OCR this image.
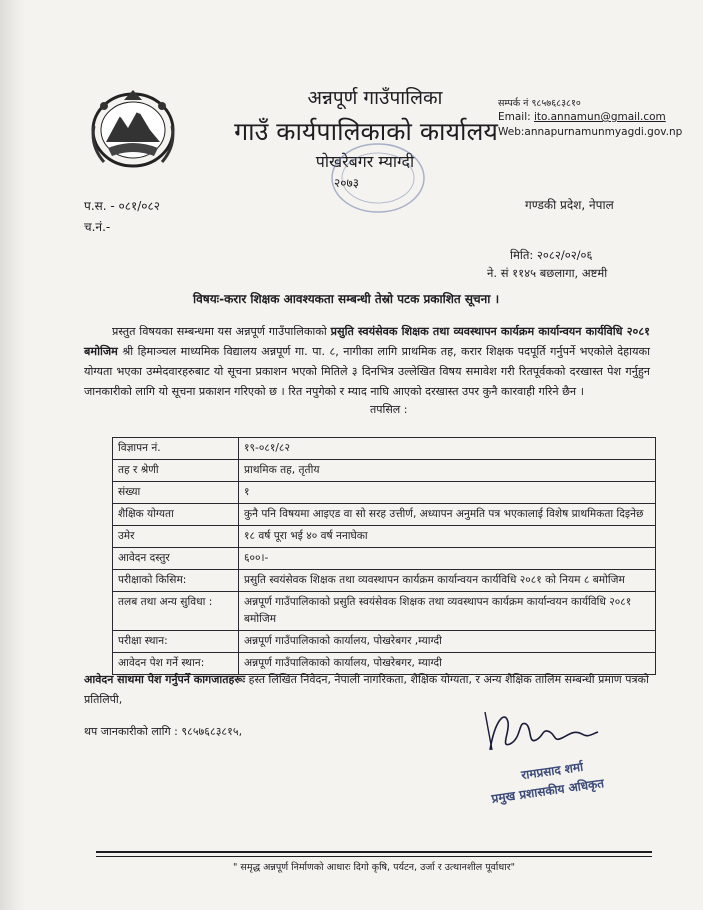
अन्नपूर्ण गाउँपालिका
गाउँ कार्यपालिकाको कार्यालय
पोखरेबगर म्याग्दी
२०७३
सम्पर्क नं ९८५७६८३८१०
Email: ito.annamun@gmail.com
Web:annapurnamunmyagdi.gov.np
प.स. - ०८१/०८२
च.नं.-
गण्डकी प्रदेश, नेपाल
मिति: २०८२/०२/०६
ने. सं ११४५ बछलागा, अष्टमी
विषयः-करार शिक्षक आवश्यकता सम्बन्धी तेस्रो पटक प्रकाशित सूचना ।
प्रस्तुत विषयका सम्बन्धमा यस अन्नपूर्ण गाउँपालिकाको प्रसुति स्वयंसेवक शिक्षक तथा व्यवस्थापन कार्यक्रम कार्यान्वयन कार्यविधि २०८१ बमोजिम श्री हिमाञ्चल माध्यमिक विद्यालय अन्नपूर्ण गा. पा. ८, नागीका लागि प्राथमिक तह, करार शिक्षक पदपूर्ति गर्नुपर्ने भएकोले देहायका योग्यता भएका उम्मेदवारहरुबाट यो सूचना प्रकाशन भएको मितिले ३ दिनभित्र उल्लेखित विषय समावेश गरी रितपूर्वकको दरखास्त पेश गर्नुहुन जानकारीको लागि यो सूचना प्रकाशन गरिएको छ । रित नपुगेको र म्याद नाघि आएको दरखास्त उपर कुनै कारवाही गरिने छैन ।
तपसिल :
विज्ञापन नं.	१९-०८१/८२
तह र श्रेणी	प्राथमिक तह, तृतीय
संख्या	१
शैक्षिक योग्यता	कुनै पनि विषयमा आइएड वा सो सरह उत्तीर्ण, अध्यापन अनुमति पत्र भएकालाई विशेष प्राथमिकता दिइनेछ
उमेर	१८ वर्ष पूरा भई ४० वर्ष ननाघेका
आवेदन दस्तुर	६००।-
परीक्षाको किसिम:	प्रसुति स्वयंसेवक शिक्षक तथा व्यवस्थापन कार्यक्रम कार्यान्वयन कार्यविधि २०८१ को नियम ८ बमोजिम
तलब तथा अन्य सुविधा :	अन्नपूर्ण गाउँपालिकाको प्रसुति स्वयंसेवक शिक्षक तथा व्यवस्थापन कार्यक्रम कार्यान्वयन कार्यविधि २०८१ बमोजिम
परीक्षा स्थान:	अन्नपूर्ण गाउँपालिकाको कार्यालय, पोखरेबगर ,म्याग्दी
आवेदन पेश गर्ने स्थान:	अन्नपूर्ण गाउँपालिकाको कार्यालय, पोखरेबगर, म्याग्दी
आवेदन साथमा पेश गर्नुपर्ने कागजातहरूः हस्त लिखित निवेदन, नेपाली नागरिकता, शैक्षिक योग्यता, र अन्य शैक्षिक तालिम सम्बन्धी प्रमाण पत्रको प्रतिलिपी,
थप जानकारीको लागि : ९८५७६८३८१५,
रामप्रसाद शर्मा
प्रमुख प्रशासकीय अधिकृत
" समृद्ध अन्नपूर्ण निर्माणको आधारः दिगो कृषि, पर्यटन, उर्जा र उत्थानशील पूर्वाधार"
